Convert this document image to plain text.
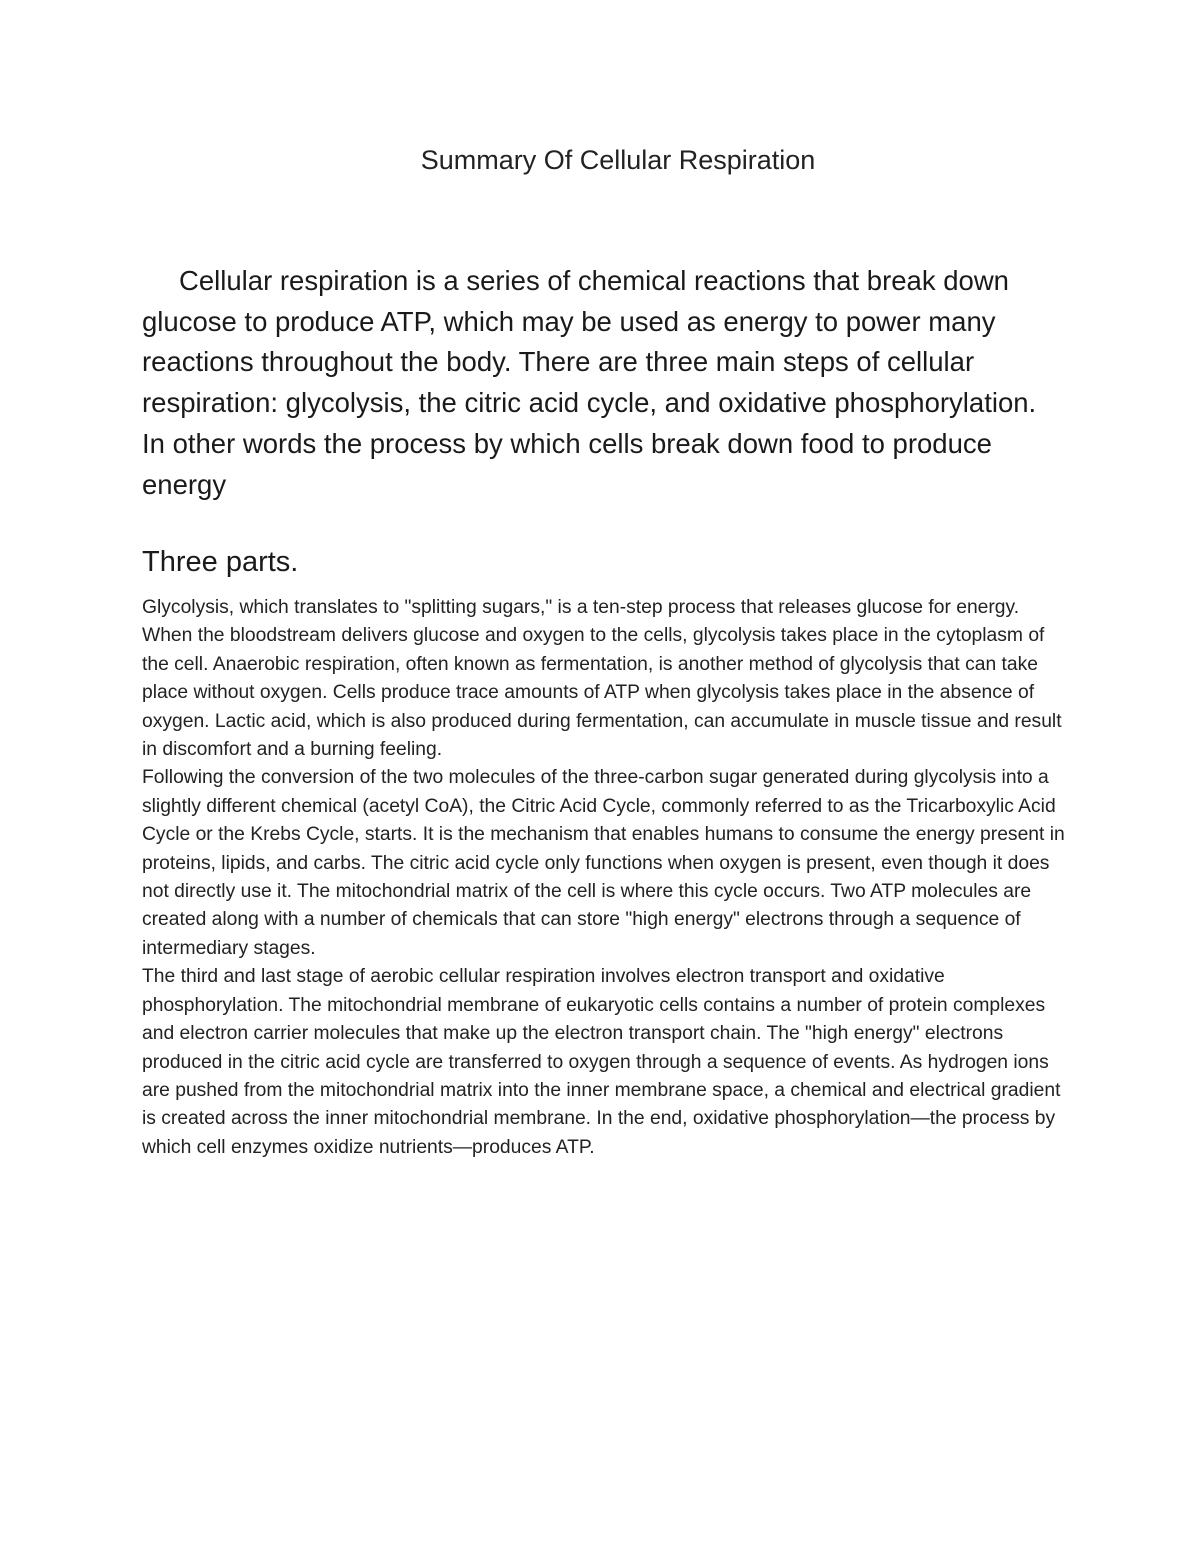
Summary Of Cellular Respiration

Cellular respiration is a series of chemical reactions that break down glucose to produce ATP, which may be used as energy to power many reactions throughout the body. There are three main steps of cellular respiration: glycolysis, the citric acid cycle, and oxidative phosphorylation. In other words the process by which cells break down food to produce energy

Three parts.

Glycolysis, which translates to "splitting sugars," is a ten-step process that releases glucose for energy. When the bloodstream delivers glucose and oxygen to the cells, glycolysis takes place in the cytoplasm of the cell. Anaerobic respiration, often known as fermentation, is another method of glycolysis that can take place without oxygen. Cells produce trace amounts of ATP when glycolysis takes place in the absence of oxygen. Lactic acid, which is also produced during fermentation, can accumulate in muscle tissue and result in discomfort and a burning feeling.

Following the conversion of the two molecules of the three-carbon sugar generated during glycolysis into a slightly different chemical (acetyl CoA), the Citric Acid Cycle, commonly referred to as the Tricarboxylic Acid Cycle or the Krebs Cycle, starts. It is the mechanism that enables humans to consume the energy present in proteins, lipids, and carbs. The citric acid cycle only functions when oxygen is present, even though it does not directly use it. The mitochondrial matrix of the cell is where this cycle occurs. Two ATP molecules are created along with a number of chemicals that can store "high energy" electrons through a sequence of intermediary stages.

The third and last stage of aerobic cellular respiration involves electron transport and oxidative phosphorylation. The mitochondrial membrane of eukaryotic cells contains a number of protein complexes and electron carrier molecules that make up the electron transport chain. The "high energy" electrons produced in the citric acid cycle are transferred to oxygen through a sequence of events. As hydrogen ions are pushed from the mitochondrial matrix into the inner membrane space, a chemical and electrical gradient is created across the inner mitochondrial membrane. In the end, oxidative phosphorylation—the process by which cell enzymes oxidize nutrients—produces ATP.
